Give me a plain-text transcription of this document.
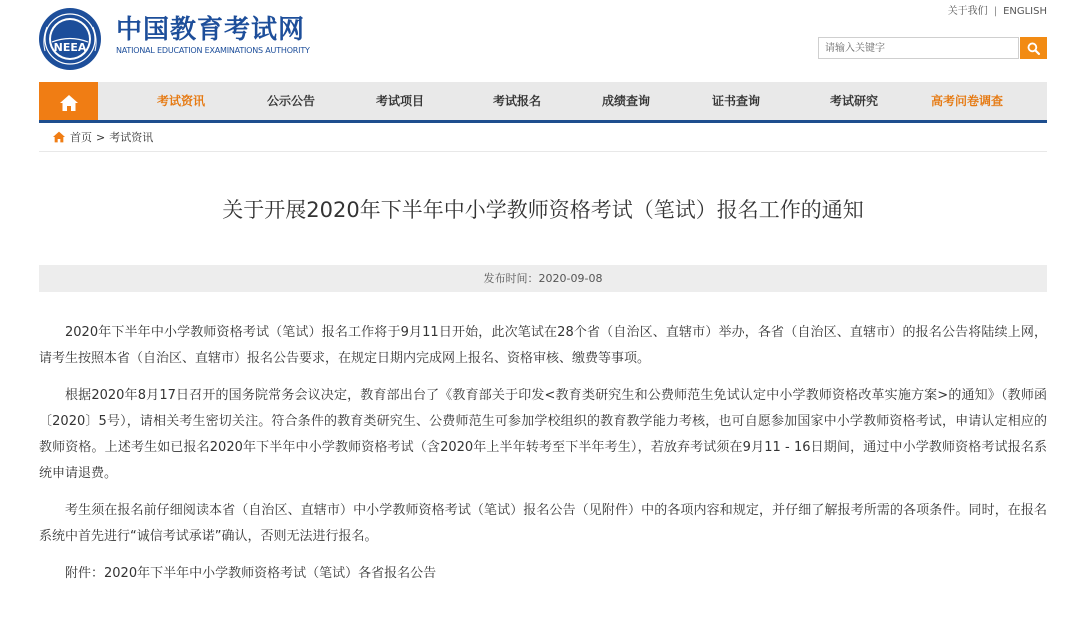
NEEA
中国教育考试网
NATIONAL EDUCATION EXAMINATIONS AUTHORITY
关于我们 | ENGLISH
请输入关键字
考试资讯	公示公告	考试项目	考试报名	成绩查询	证书查询	考试研究	高考问卷调查
首页 > 考试资讯
关于开展2020年下半年中小学教师资格考试（笔试）报名工作的通知
发布时间：2020-09-08

2020年下半年中小学教师资格考试（笔试）报名工作将于9月11日开始，此次笔试在28个省（自治区、直辖市）举办，各省（自治区、直辖市）的报名公告将陆续上网，请考生按照本省（自治区、直辖市）报名公告要求，在规定日期内完成网上报名、资格审核、缴费等事项。

根据2020年8月17日召开的国务院常务会议决定，教育部出台了《教育部关于印发<教育类研究生和公费师范生免试认定中小学教师资格改革实施方案>的通知》（教师函〔2020〕5号），请相关考生密切关注。符合条件的教育类研究生、公费师范生可参加学校组织的教育教学能力考核，也可自愿参加国家中小学教师资格考试，申请认定相应的教师资格。上述考生如已报名2020年下半年中小学教师资格考试（含2020年上半年转考至下半年考生），若放弃考试须在9月11 - 16日期间，通过中小学教师资格考试报名系统申请退费。

考生须在报名前仔细阅读本省（自治区、直辖市）中小学教师资格考试（笔试）报名公告（见附件）中的各项内容和规定，并仔细了解报考所需的各项条件。同时，在报名系统中首先进行“诚信考试承诺”确认，否则无法进行报名。

附件：2020年下半年中小学教师资格考试（笔试）各省报名公告
